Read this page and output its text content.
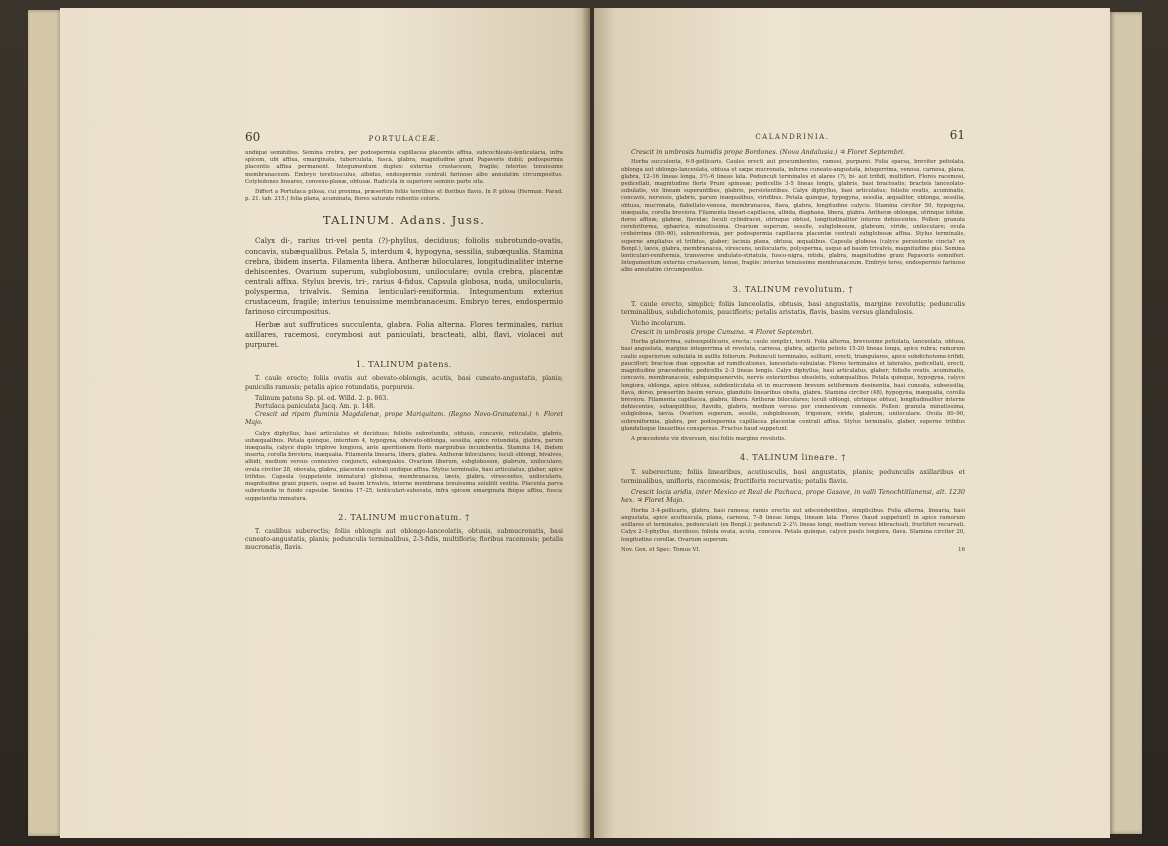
60	PORTULACEÆ.

undique seminibus. Semina crebra, per podospermia capillacea placentis affixa, subcochleato-lenticularia, infra spicem, ubi affixa, emarginata, tuberculata, fusca, glabra, magnitudine grani Papaveris dubii; podospermia placentis affixa permanent. Integumentum duplex: exterius crustaceum, fragile; interius tenuissime membranaceum. Embryo teretiusculus, albidus, endospermio centrali farinoso albo annulatim circumpositus. Cotyledones lineares, convexo-planæ, obtusæ. Radicula in superiore seminis parte sita.

Differt a Portulaca pilosa, cui proxima, præsertim foliis teretibus et floribus flavis. In P. pilosa (Herman. Parad. p. 21. tab. 215.) folia plana, acuminata, flores saturate rubentis coloris.

TALINUM. Adans. Juss.

Calyx di-, rarius tri-vel penta (?)-phyllus, deciduus; foliolis subrotundo-ovatis, concavis, subæqualibus. Petala 5, interdum 4, hypogyna, sessilia, subæqualia. Stamina crebra, ibidem inserta. Filamenta libera. Antheræ biloculares, longitudinaliter interne dehiscentes. Ovarium superum, subglobosum, uniloculare; ovula crebra, placentæ centrali affixa. Stylus brevis, tri-, rarius 4-fidus. Capsula globosa, nuda, unilocularis, polysperma, trivalvis. Semina lenticulari-reniformia. Integumentum exterius crustaceum, fragile; interius tenuissime membranaceum. Embryo teres, endospermio farinoso circumpositus.

Herbæ aut suffrutices succulenta, glabra. Folia alterna. Flores terminales, rarius axillares, racemosi, corymbosi aut paniculati, bracteati, albi, flavi, violacei aut purpurei.

1. TALINUM patens.

T. caule erecto; foliis ovatis aut obovato-oblongis, acutis, basi cuneato-angustatis, planis; paniculis ramosis; petalis apice rotundatis, purpureis.

Talinum patens Sp. pl. ed. Willd. 2. p. 863.

Portulaca paniculata Jacq. Am. p. 148.

Crescit ad ripam fluminis Magdalenæ, prope Mariquitam. (Regno Novo-Granatensi.) ♄ Floret Majo.

Calyx diphyllus, basi articulatus et deciduus; foliolis subrotundis, obtusis, concavis, reticulatis, glabris, subæqualibus. Petala quinque, interdum 4, hypogyna, obovato-oblonga, sessilia, apice rotundata, glabra, parum inæqualia, calyce duplo triplove longiora, ante aperitionem floris marginibus incumbentia. Stamina 14, ibidem inserta, corolla breviora, inæqualia. Filamenta linearia, libera, glabra. Antheræ biloculares; loculi oblongi, bivalves, albidi, medium versus connexivo conjuncti, subæquales. Ovarium liberum, subglobosum, glabrum, uniloculare; ovula circiter 28, obovata, glabra, placentæ centrali undique affixa. Stylus terminalis, basi articulatus, glaber, apice trifidus. Capsula (suppetente immatura) globosa, membranacea, lævis, glabra, virescentes, unilocularis, magnitudine grani piperis, usque ad basim trivalvis, interne membrana tenuissima solubili vestita. Placenta parva subrotunda in fundo capsulæ. Semina 17–25, lenticulari-subovata, infra spicem emarginata ibique affixa, fusca; suppetentia immatura.

2. TALINUM mucronatum. †

T. caulibus suberectis; foliis oblongis aut oblongo-lanceolatis, obtusis, submucronatis, basi cuneato-angustatis, planis; pedunculis terminalibus, 2-3-fidis, multifloris; floribus racemosis; petalis mucronatis, flavis.

CALANDRINIA.	61

Crescit in umbrosis humidis prope Bordones. (Nova Andalusia.) ♃ Floret Septembri.

Herba succulenta, 6-9-pollicaris. Caules erecti aut procumbentes, ramosi, purpurei. Folia sparsa, breviter petiolata, oblonga aut oblongo-lanceolata, obtusa et sæpe mucronata, inferne cuneato-angustata, integerrima, venosa, carnosa, plana, glabra, 12–16 lineas longa, 3½–6 lineas lata. Pedunculi terminales et alares (?), bi- aut trifidi, multiflori. Flores racemosi, pedicellati, magnitudine floris Pruni spinosæ; pedicellis 3-5 lineas longis, glabris, basi bracteatis; bracteis lanceolato-subulatis, vix lineam superantibus, glabris, persistentibus. Calyx diphyllus, basi articulatus; foliolis ovatis, acuminatis, concavis, nervosis, glabris, parum inæqualibus, viridibus. Petala quinque, hypogyna, sessilia, æqualiter, oblonga, sessilia, obtusa, mucronata, flabellato-venosa, membranacea, flava, glabra, longitudine calycis. Stamina circiter 50, hypogyna, inæqualia, corolla breviora. Filamenta lineari-capillacea, albida, diaphana, libera, glabra. Antheræ oblongæ, utrinque bifidæ, dorso affixæ, glabræ, flavidæ; loculi cylindracei, utrinque obtusi, longitudinaliter interne dehiscentes. Pollen: granula cerebriforma, sphærica, minutissima. Ovarium superum, sessile, subglobosum, glabrum, viride, uniloculare; ovula crebérrima (80–90), subreniformia, per podospermia capillacea placentæ centrali subglobosæ affixa. Stylus terminalis, superne ampliatus et trifidus, glaber; lacinia plana, obtusa, æqualibus. Capsula globosa (calyce persistente cincta? ex Bonpl.), lævis, glabra, membranacea, virescens, unilocularis, polysperma, usque ad basim trivalvis, magnitudine pisi. Semina lenticulari-reniformia, transverse undulato-striatula, fusco-nigra, nitida, glabra, magnitudine grani Papaveris somniferi. Integumentum exterius crustaceum, tenue, fragile; interius tenuissime membranaceum. Embryo teres, endospermio farinoso albo annulatim circumpositus.

3. TALINUM revolutum. †

T. caule erecto, simplici; foliis lanceolatis, obtusis, basi angustatis, margine revolutis; pedunculis terminalibus, subdichotomis, paucifloris; petalis aristatis, flavis, basim versus glandulosis.

Vicho incolarum.

Crescit in umbrosis prope Cumana. ♃ Floret Septembri.

Herba glaberrima, subsexpollicaris, erecta; caule simplici, tereti. Folia alterna, brevissime petiolata, lanceolata, obtusa, basi angustata, margine integerrima et revoluta, carnosa, glabra, adjecto petiolo 15-20 lineas longa, apice rubra; ramorum caulis superiorum subulata in axillis foliorum. Pedunculi terminales, solitarii, erecti, triangulares, apice subdichotome-trifidi, pauciflori; bracteæ duæ oppositæ ad ramificationes, lanceolato-subulatæ. Flores terminales et laterales, pedicellati, erecti, magnitudine præcedentis; pedicellis 2–3 lineas longis. Calyx diphyllus, basi articulatus, glaber; foliolis ovatis, acuminatis, concavis, membranaceis, subquinquenerviis, nervis exterioribus obsoletis, subæqualibus. Petala quinque, hypogyna, calyce longiora, oblonga, apice obtusa, subdenticulata et in mucronem brevem setiformem desinentia, basi cuneata, subsessilia, flava, dorso, præsertim basim versus, glandulis linearibus obsita, glabra. Stamina circiter (48), hypogyna, inæqualia, corolla breviora. Filamenta capillacea, glabra, libera. Antheræ biloculares; loculi oblongi, utrinque obtusi, longitudinaliter interne dehiscentes, subæquilibus, flavidis, glabris, medium versus per connexivum connexis. Pollen: granula minutissima, subglobosa, lævia. Ovarium superum, sessile, subglobosum, trigonum, viride, glabrum, uniloculare. Ovula 80–90, subreniformia, glabra, per podospermia capillacea placentæ centrali affixa. Stylus terminalis, glaber, superne trifidus glandulisque linearibus conspersus. Fructus haud suppetunt.

A præcedente vix diversum, nisi foliis margine revolutis.

4. TALINUM lineare. †

T. suberectum; foliis linearibus, acutiusculis, basi angustatis, planis; pedunculis axillaribus et terminalibus, unifloris, racemosis; fructiferis recurvatis; petalis flavis.

Crescit locis aridis, inter Mexico et Real de Pachuca, prope Gasave, in valli Tenochtitlanensi, alt. 1230 hex. ♃ Floret Majo.

Herba 3-4-pollicaris, glabra, basi ramosa; ramis erectis aut adscendentibus, simplicibus. Folia alterna, linearia, basi angustata, apice acutiuscula, plana, carnosa, 7–8 lineas longa, lineam lata. Flores (haud suppetunt) in apice ramorum axillares et terminales, pedunculati (ex Bonpl.); pedunculi 2–2½ lineas longi, medium versus bibracteati, fructiferi recurvati. Calyx 2–3-phyllus, deciduus; foliola ovata, acuta, concava. Petala quinque, calyce paulo longiora, flava. Stamina circiter 20, longitudine corollæ. Ovarium superum.

Nov. Gen. et Spec. Tomus VI.	16
